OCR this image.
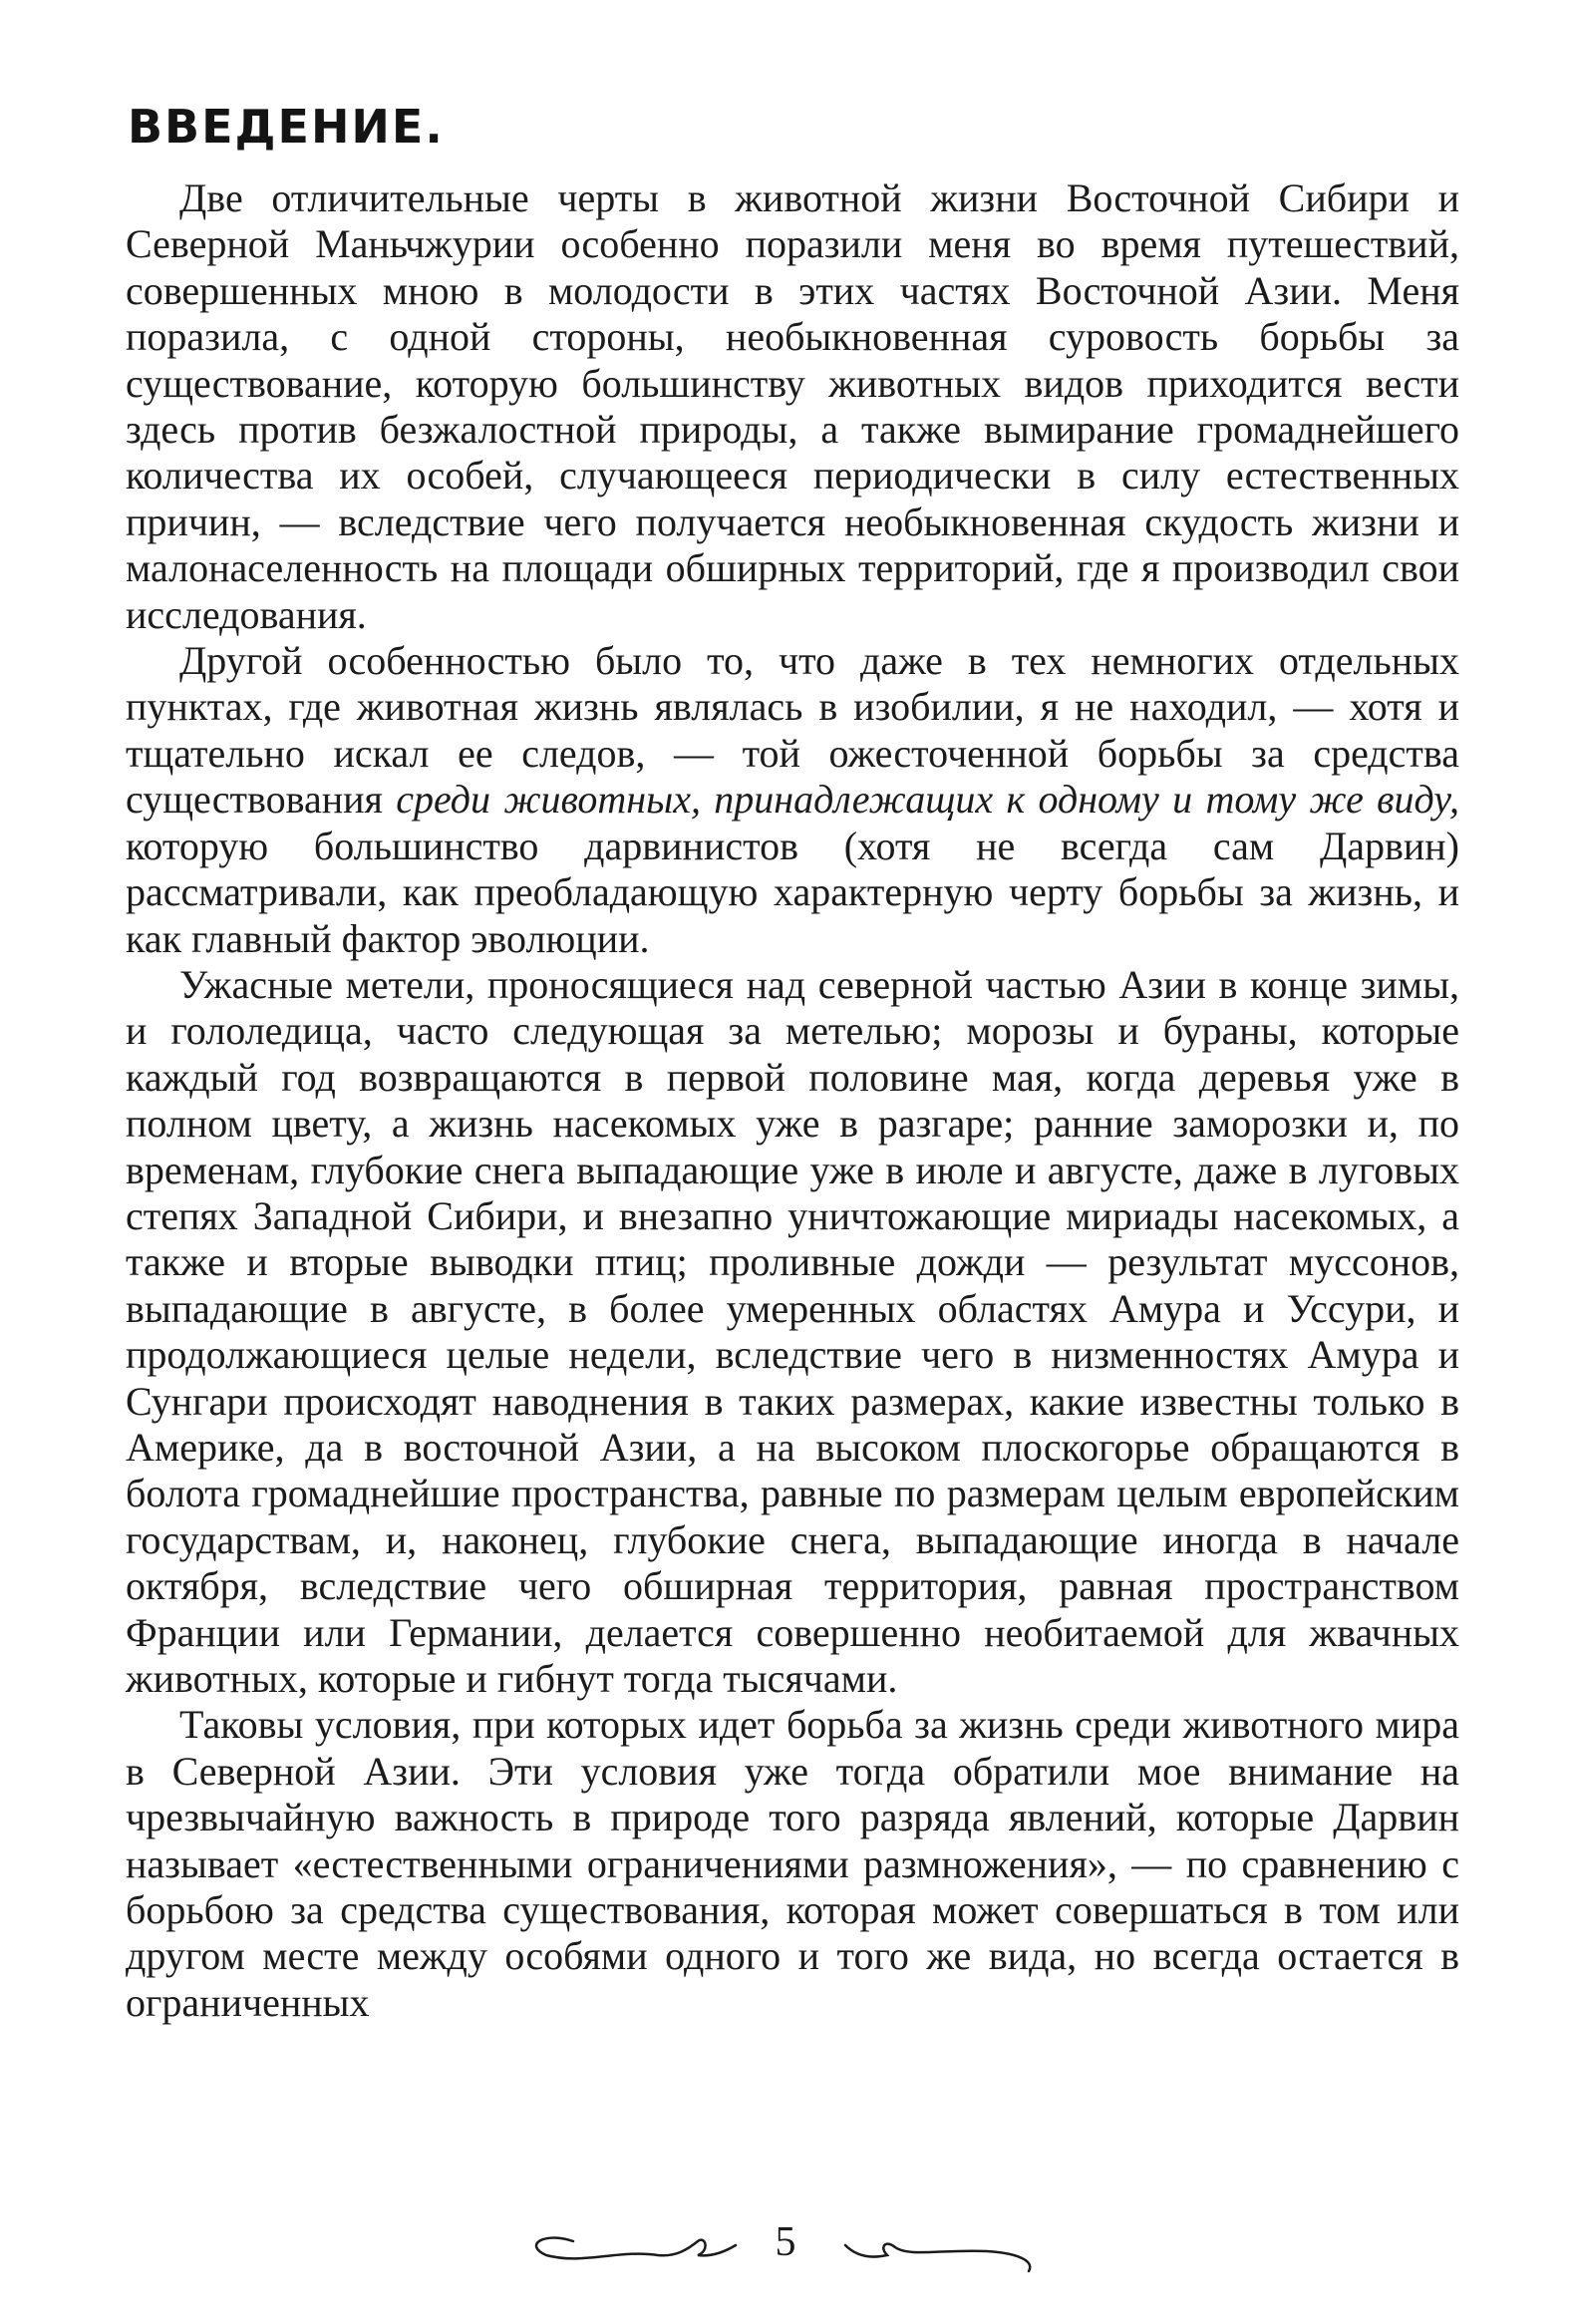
ВВЕДЕНИЕ.

Две отличительные черты в животной жизни Восточной Сибири и Северной Маньчжурии особенно поразили меня во время путешествий, совершенных мною в молодости в этих частях Восточной Азии. Меня поразила, с одной стороны, необыкновенная суровость борьбы за существование, которую большинству животных видов приходится вести здесь против безжалостной природы, а также вымирание громаднейшего количества их особей, случающееся периодически в силу естественных причин, — вследствие чего получается необыкновенная скудость жизни и малонаселенность на площади обширных территорий, где я производил свои исследования.

Другой особенностью было то, что даже в тех немногих отдельных пунктах, где животная жизнь являлась в изобилии, я не находил, — хотя и тщательно искал ее следов, — той ожесточенной борьбы за средства существования среди животных, принадлежащих к одному и тому же виду, которую большинство дарвинистов (хотя не всегда сам Дарвин) рассматривали, как преобладающую характерную черту борьбы за жизнь, и как главный фактор эволюции.

Ужасные метели, проносящиеся над северной частью Азии в конце зимы, и гололедица, часто следующая за метелью; морозы и бураны, которые каждый год возвращаются в первой половине мая, когда деревья уже в полном цвету, а жизнь насекомых уже в разгаре; ранние заморозки и, по временам, глубокие снега выпадающие уже в июле и августе, даже в луговых степях Западной Сибири, и внезапно уничтожающие мириады насекомых, а также и вторые выводки птиц; проливные дожди — результат муссонов, выпадающие в августе, в более умеренных областях Амура и Уссури, и продолжающиеся целые недели, вследствие чего в низменностях Амура и Сунгари происходят наводнения в таких размерах, какие известны только в Америке, да в восточной Азии, а на высоком плоскогорье обращаются в болота громаднейшие пространства, равные по размерам целым европейским государствам, и, наконец, глубокие снега, выпадающие иногда в начале октября, вследствие чего обширная территория, равная пространством Франции или Германии, делается совершенно необитаемой для жвачных животных, которые и гибнут тогда тысячами.

Таковы условия, при которых идет борьба за жизнь среди животного мира в Северной Азии. Эти условия уже тогда обратили мое внимание на чрезвычайную важность в природе того разряда явлений, которые Дарвин называет «естественными ограничениями размножения», — по сравнению с борьбою за средства существования, которая может совершаться в том или другом месте между особями одного и того же вида, но всегда остается в ограниченных

5
